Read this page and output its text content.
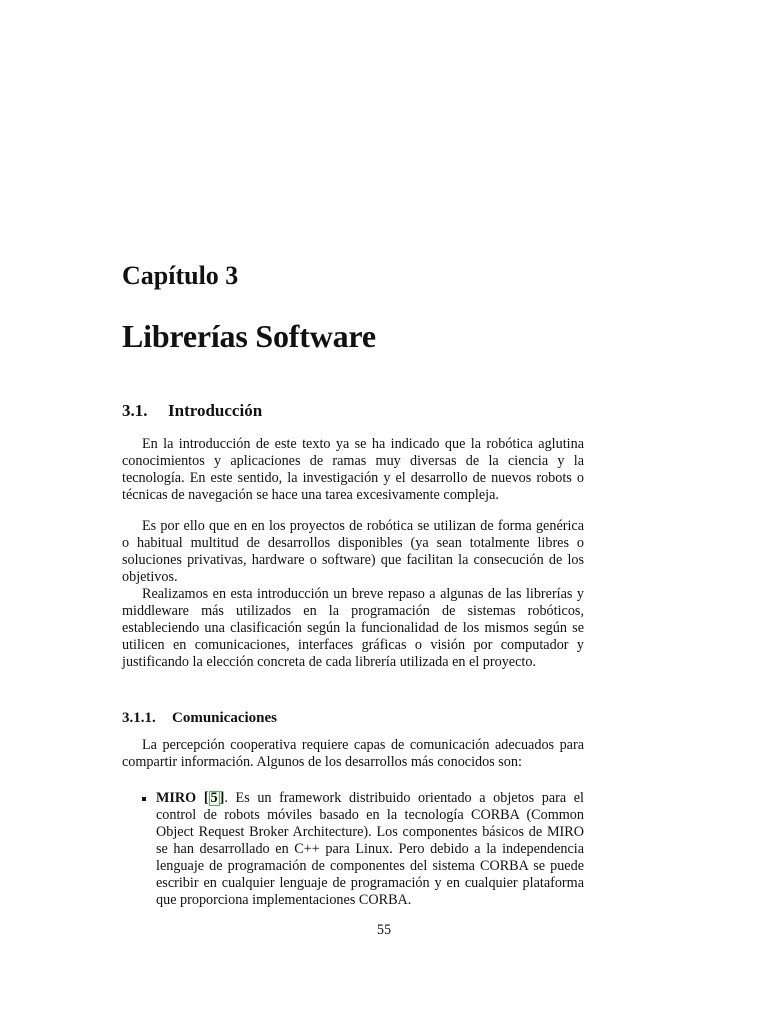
Capítulo 3
Librerías Software
3.1. Introducción

En la introducción de este texto ya se ha indicado que la robótica aglutina conocimientos y aplicaciones de ramas muy diversas de la ciencia y la tecnología. En este sentido, la investigación y el desarrollo de nuevos robots o técnicas de navegación se hace una tarea excesivamente compleja.

Es por ello que en en los proyectos de robótica se utilizan de forma genérica o habitual multitud de desarrollos disponibles (ya sean totalmente libres o soluciones privativas, hardware o software) que facilitan la consecución de los objetivos.

Realizamos en esta introducción un breve repaso a algunas de las librerías y middleware más utilizados en la programación de sistemas robóticos, estableciendo una clasificación según la funcionalidad de los mismos según se utilicen en comunicaciones, interfaces gráficas o visión por computador y justificando la elección concreta de cada librería utilizada en el proyecto.

3.1.1. Comunicaciones

La percepción cooperativa requiere capas de comunicación adecuados para compartir información. Algunos de los desarrollos más conocidos son:

MIRO [ 5 ]. Es un framework distribuido orientado a objetos para el control de robots móviles basado en la tecnología CORBA (Common Object Request Broker Architecture). Los componentes básicos de MIRO se han desarrollado en C++ para Linux. Pero debido a la independencia lenguaje de programación de componentes del sistema CORBA se puede escribir en cualquier lenguaje de programación y en cualquier plataforma que proporciona implementaciones CORBA.

55
